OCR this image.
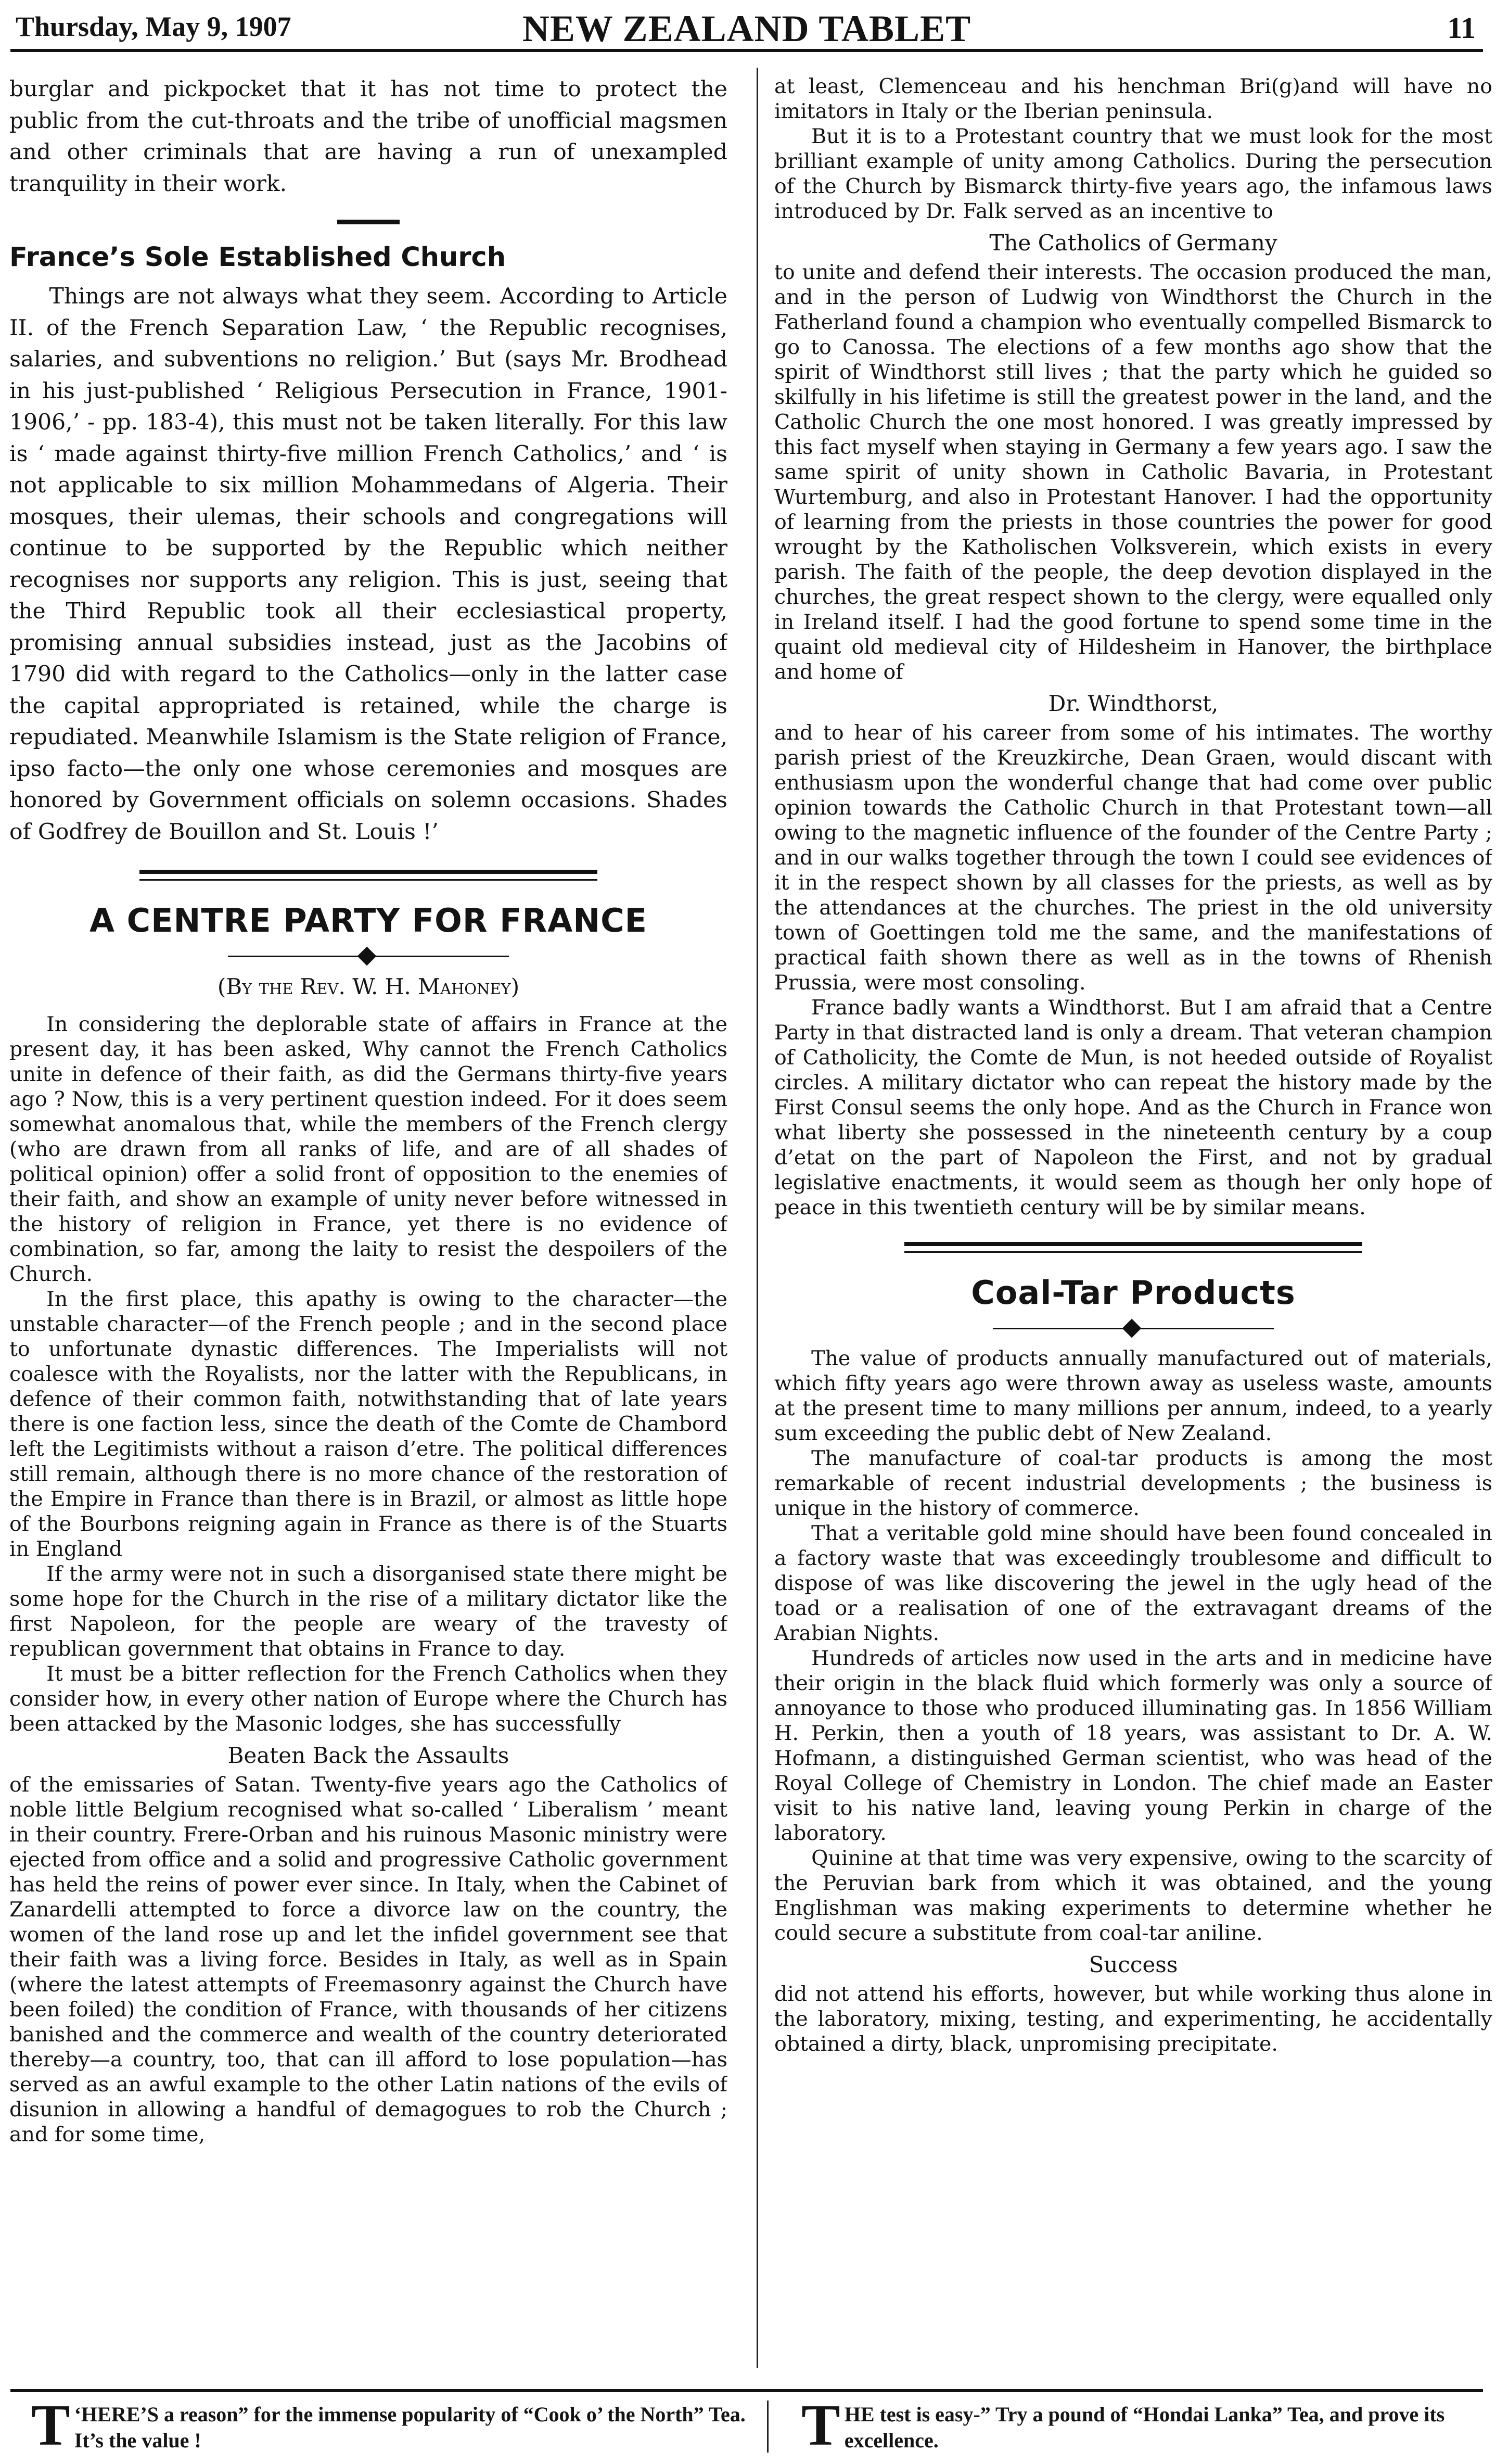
Thursday, May 9, 1907	NEW ZEALAND TABLET	11

burglar and pickpocket that it has not time to protect the public from the cut-throats and the tribe of unofficial magsmen and other criminals that are having a run of unexampled tranquility in their work.

France’s Sole Established Church

Things are not always what they seem. According to Article II. of the French Separation Law, ‘ the Republic recognises, salaries, and subventions no religion.’ But (says Mr. Brodhead in his just-published ‘ Religious Persecution in France, 1901-1906,’ - pp. 183-4), this must not be taken literally. For this law is ‘ made against thirty-five million French Catholics,’ and ‘ is not applicable to six million Mohammedans of Algeria. Their mosques, their ulemas, their schools and congregations will continue to be supported by the Republic which neither recognises nor supports any religion. This is just, seeing that the Third Republic took all their ecclesiastical property, promising annual subsidies instead, just as the Jacobins of 1790 did with regard to the Catholics—only in the latter case the capital appropriated is retained, while the charge is repudiated. Meanwhile Islamism is the State religion of France, ipso facto—the only one whose ceremonies and mosques are honored by Government officials on solemn occasions. Shades of Godfrey de Bouillon and St. Louis !’

A CENTRE PARTY FOR FRANCE
(By the Rev. W. H. Mahoney)

In considering the deplorable state of affairs in France at the present day, it has been asked, Why cannot the French Catholics unite in defence of their faith, as did the Germans thirty-five years ago ? Now, this is a very pertinent question indeed. For it does seem somewhat anomalous that, while the members of the French clergy (who are drawn from all ranks of life, and are of all shades of political opinion) offer a solid front of opposition to the enemies of their faith, and show an example of unity never before witnessed in the history of religion in France, yet there is no evidence of combination, so far, among the laity to resist the despoilers of the Church.

In the first place, this apathy is owing to the character—the unstable character—of the French people ; and in the second place to unfortunate dynastic differences. The Imperialists will not coalesce with the Royalists, nor the latter with the Republicans, in defence of their common faith, notwithstanding that of late years there is one faction less, since the death of the Comte de Chambord left the Legitimists without a raison d’etre. The political differences still remain, although there is no more chance of the restoration of the Empire in France than there is in Brazil, or almost as little hope of the Bourbons reigning again in France as there is of the Stuarts in England

If the army were not in such a disorganised state there might be some hope for the Church in the rise of a military dictator like the first Napoleon, for the people are weary of the travesty of republican government that obtains in France to day.

It must be a bitter reflection for the French Catholics when they consider how, in every other nation of Europe where the Church has been attacked by the Masonic lodges, she has successfully

Beaten Back the Assaults

of the emissaries of Satan. Twenty-five years ago the Catholics of noble little Belgium recognised what so-called ‘ Liberalism ’ meant in their country. Frere-Orban and his ruinous Masonic ministry were ejected from office and a solid and progressive Catholic government has held the reins of power ever since. In Italy, when the Cabinet of Zanardelli attempted to force a divorce law on the country, the women of the land rose up and let the infidel government see that their faith was a living force. Besides in Italy, as well as in Spain (where the latest attempts of Freemasonry against the Church have been foiled) the condition of France, with thousands of her citizens banished and the commerce and wealth of the country deteriorated thereby—a country, too, that can ill afford to lose population—has served as an awful example to the other Latin nations of the evils of disunion in allowing a handful of demagogues to rob the Church ; and for some time,

at least, Clemenceau and his henchman Bri(g)and will have no imitators in Italy or the Iberian peninsula.

But it is to a Protestant country that we must look for the most brilliant example of unity among Catholics. During the persecution of the Church by Bismarck thirty-five years ago, the infamous laws introduced by Dr. Falk served as an incentive to

The Catholics of Germany

to unite and defend their interests. The occasion produced the man, and in the person of Ludwig von Windthorst the Church in the Fatherland found a champion who eventually compelled Bismarck to go to Canossa. The elections of a few months ago show that the spirit of Windthorst still lives ; that the party which he guided so skilfully in his lifetime is still the greatest power in the land, and the Catholic Church the one most honored. I was greatly impressed by this fact myself when staying in Germany a few years ago. I saw the same spirit of unity shown in Catholic Bavaria, in Protestant Wurtemburg, and also in Protestant Hanover. I had the opportunity of learning from the priests in those countries the power for good wrought by the Katholischen Volksverein, which exists in every parish. The faith of the people, the deep devotion displayed in the churches, the great respect shown to the clergy, were equalled only in Ireland itself. I had the good fortune to spend some time in the quaint old medieval city of Hildesheim in Hanover, the birthplace and home of

Dr. Windthorst,

and to hear of his career from some of his intimates. The worthy parish priest of the Kreuzkirche, Dean Graen, would discant with enthusiasm upon the wonderful change that had come over public opinion towards the Catholic Church in that Protestant town—all owing to the magnetic influence of the founder of the Centre Party ; and in our walks together through the town I could see evidences of it in the respect shown by all classes for the priests, as well as by the attendances at the churches. The priest in the old university town of Goettingen told me the same, and the manifestations of practical faith shown there as well as in the towns of Rhenish Prussia, were most consoling.

France badly wants a Windthorst. But I am afraid that a Centre Party in that distracted land is only a dream. That veteran champion of Catholicity, the Comte de Mun, is not heeded outside of Royalist circles. A military dictator who can repeat the history made by the First Consul seems the only hope. And as the Church in France won what liberty she possessed in the nineteenth century by a coup d’etat on the part of Napoleon the First, and not by gradual legislative enactments, it would seem as though her only hope of peace in this twentieth century will be by similar means.

Coal-Tar Products

The value of products annually manufactured out of materials, which fifty years ago were thrown away as useless waste, amounts at the present time to many millions per annum, indeed, to a yearly sum exceeding the public debt of New Zealand.

The manufacture of coal-tar products is among the most remarkable of recent industrial developments ; the business is unique in the history of commerce.

That a veritable gold mine should have been found concealed in a factory waste that was exceedingly troublesome and difficult to dispose of was like discovering the jewel in the ugly head of the toad or a realisation of one of the extravagant dreams of the Arabian Nights.

Hundreds of articles now used in the arts and in medicine have their origin in the black fluid which formerly was only a source of annoyance to those who produced illuminating gas. In 1856 William H. Perkin, then a youth of 18 years, was assistant to Dr. A. W. Hofmann, a distinguished German scientist, who was head of the Royal College of Chemistry in London. The chief made an Easter visit to his native land, leaving young Perkin in charge of the laboratory.

Quinine at that time was very expensive, owing to the scarcity of the Peruvian bark from which it was obtained, and the young Englishman was making experiments to determine whether he could secure a substitute from coal-tar aniline.

Success

did not attend his efforts, however, but while working thus alone in the laboratory, mixing, testing, and experimenting, he accidentally obtained a dirty, black, unpromising precipitate.

T ‘HERE’S a reason” for the immense popularity of “Cook o’ the North” Tea. It’s the value !	T HE test is easy-” Try a pound of “Hondai Lanka” Tea, and prove its excellence.
